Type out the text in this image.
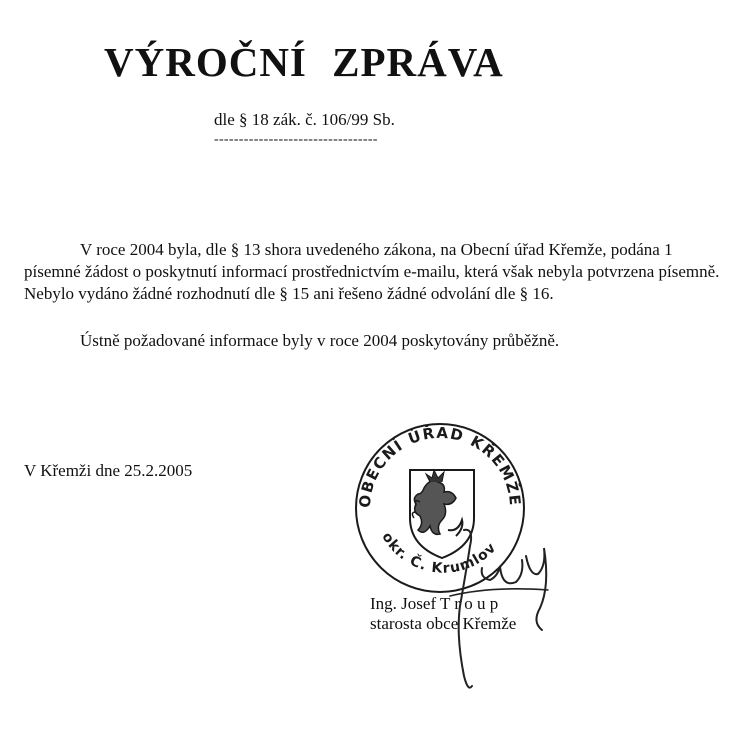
VÝROČNÍ ZPRÁVA
dle § 18 zák. č. 106/99 Sb.
---------------------------------
V roce 2004 byla, dle § 13 shora uvedeného zákona, na Obecní úřad Křemže, podána 1 písemné žádost o poskytnutí informací prostřednictvím e-mailu, která však nebyla potvrzena písemně. Nebylo vydáno žádné rozhodnutí dle § 15 ani řešeno žádné odvolání dle § 16.
Ústně požadované informace byly v roce 2004 poskytovány průběžně.
V Křemži dne 25.2.2005
OBECNÍ ÚŘAD KŘEMŽE
okr. Č. Krumlov
Ing. Josef T r o u p
starosta obce Křemže
